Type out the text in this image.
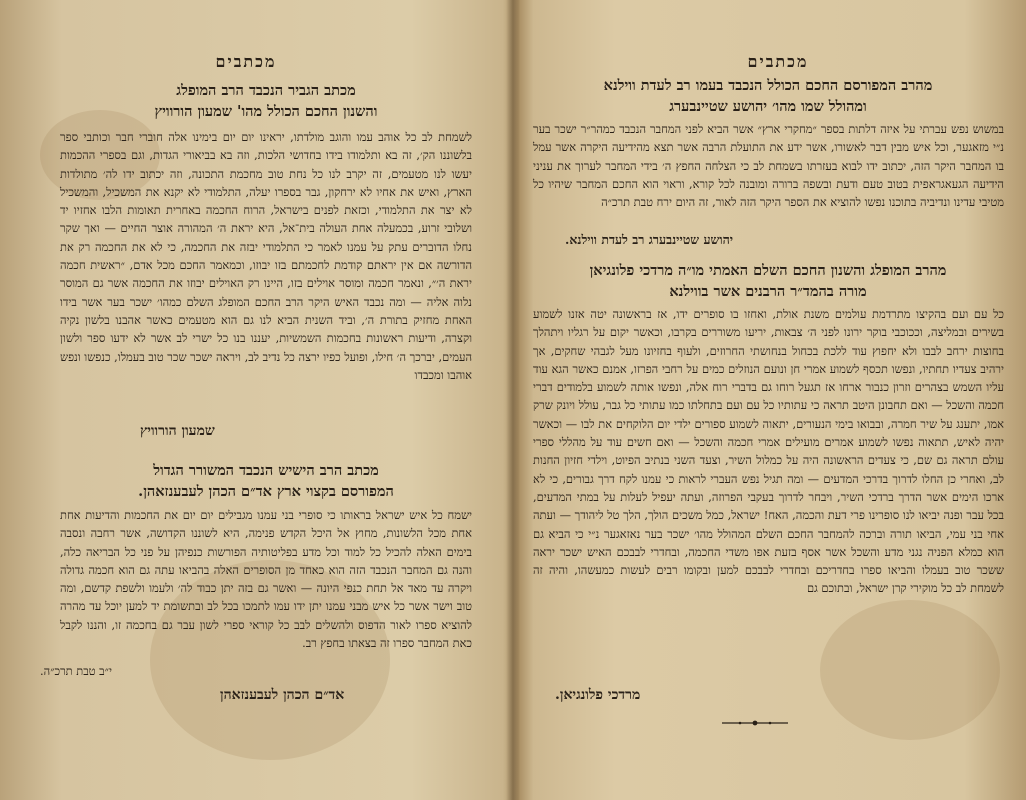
מכתבים
מכתב הגביר הנכבד הרב המופלג
והשנון החכם הכולל מהו' שמעון הורוויץ
לשמחת לב כל אוהב עמו והוגב מולדתו, יראינו יום יום בימינו אלה חוברי חבר וכותבי ספר בלשוננו הק׳, זה בא ותלמודו בידו בחדושי הלכות, וזה בא בביאורי הגדות, וגם בספרי ההכמות יעשו לנו מטעמים, זה יקרב לנו כל נחת טוב מחכמת התכונה, וזה יכתוב ידו לה׳ מתולדות הארץ, ואיש את אחיו לא ירחקון, גבר בספרו יעלה, התלמודי לא יקנא את המשכיל, והמשכיל לא יצר את התלמודי, וכזאת לפנים בישראל, הרוח החכמה באחרית תאומות הלבו אחזיו יד ושלובי זרוע, בכמעלה אחת העולה בית־אל, היא יראת ה׳ המהורה אוצר החיים — ואך שקר נחלו הדוברים עתק על עמנו לאמר כי התלמודי יבזה את החכמה, כי לא את החכמה רק את הדורשה אם אין יראתם קודמת לחכמתם בזו יבוזו, וכמאמר החכם מכל אדם, ״ראשית חכמה יראת ה׳״, ונאמר חכמה ומוסר אוילים בזו, היינו רק האוילים יבוזו את החכמה אשר גם המוסר נלוה אליה — ומה נכבד האיש היקר הרב החכם המופלג השלם כמהו׳ ישכר בער אשר בידו האחת מחזיק בתורת ה׳, וביד השנית הביא לנו גם הוא מטעמים כאשר אהבנו בלשון נקיה וקצרה, ודיעות ראשונות בחכמות השמשיות, יעננו בנו כל ישרי לב אשר לא ידעו ספר ולשון העמים, יברכך ה׳ חילו, ופועל כפיו ירצה כל נדיב לב, ויראה ישכר שכר טוב בעמלו, כנפשו ונפש אוהבו ומכבדו
שמעון הורוויץ
מכתב הרב הישיש הנכבד המשורר הגדול
המפורסם בקצוי ארץ אד״ם הכהן לעבענזאהן.
ישמח כל איש ישראל בראותו כי סופרי בני עמנו מגבילים יום יום את החכמות והדיעות אחת אחת מכל הלשונות, מחוץ אל היכל הקדש פנימה, היא לשוננו הקדושה, אשר רחבה ונסבה בימים האלה להכיל כל למוד וכל מדע בפליטותיה הפורשות כנפיהן על פני כל הבריאה כלה, והנה גם המחבר הנכבד הזה הוא כאחד מן הסופרים האלה בהביאו עתה גם הוא חכמה גדולה ויקרה עד מאד אל תחת כנפי היונה — ואשר גם בזה יתן כבוד לה׳ ולעמו ולשפת קדשם, ומה טוב וישר אשר כל איש מבני עמנו יתן ידו עמו לתמכו בכל לב ובתשומת יד למען יוכל עד מהרה להוציא ספרו לאור הדפוס ולהשלים לבב כל קוראי ספרי לשון עבר גם בחכמה זו, והננו לקבל כאת המחבר ספרו זה בצאתו בחפץ רב.
י״ב טבת תרכ״ה.
אד״ם הכהן לעבענזאהן
מכתבים
מהרב המפורסם החכם הכולל הנכבד בעמו רב לעדת ווילנא
ומהולל שמו מהו׳ יהושע שטיינבערג
במשוש נפש עברתי על איזה דלתות בספר ״מחקרי ארץ״ אשר הביא לפני המחבר הנכבד כמהר״ר ישכר בער נ״י מזאגער, וכל איש מבין דבר לאשורו, אשר ידע את התועלת הרבה אשר תצא מהידיעה היקרה אשר עמל בו המחבר היקר הזה, יכתוב ידו לבוא בעזרתו בשמחת לב כי הצלחה החפץ ה׳ בידי המחבר לערוך את עניני הידיעה הגעאגראפית בטוב טעם ודעת ובשפה ברורה ומובנה לכל קורא, וראוי הוא החכם המחבר שיהיו כל מטיבי עדינו ונדיביה בתוכנו נפשו להוציא את הספר היקר הזה לאור, זה היום ירח טבת תרכ״ה
יהושע שטיינבערג רב לעדת ווילנא.
מהרב המופלג והשנון החכם השלם האמתי מו״ה מרדכי פלונגיאן
מורה בהמד״ר הרבנים אשר בווילנא
כל עם ועם בהקיצו מתרדמת עולמים משנת אולת, ואחזו בו סופרים ידו, אז בראשונה יטה אזנו לשמוע בשירים ובמליצה, וככוכבי בוקר ירונו לפני ה׳ צבאות, יריעו משוררים בקרבו, וכאשר יקום על רגליו ויתהלך בחוצות ירחב לבבו ולא יחפוץ עוד ללכת בכחול בנחושתי החרוזים, ולעוף בחזיונו מעל לגבהי שחקים, אך ירהיב צעדיו תחתיו, ונפשו תכסף לשמוע אמרי חן ונועם הנוזלים כמים על רחבי הפרזו, אמנם כאשר הגא עוד עליו השמש בצהרים וזרון כנבור ארחו אז תגעל רוחו גם בדברי רוח אלה, ונפשו אותה לשמוע בלמודים דברי חכמה והשכל — ואם תחבונן היטב תראה כי עתותיו כל עם ועם בתחלתו כמו עתותי כל גבר, עולל ויונק שרק אמו, יתענג על שיר חמרה, ובבואו בימי הנעורים, יתאוה לשמוע ספורים ילדי יום הלוקחים את לבו — וכאשר יהיה לאיש, תתאוה נפשו לשמוע אמרים מועילים אמרי חכמה והשכל — ואם חשים עוד על מהללי ספרי עולם תראה גם שם, כי צעדים הראשונה היה על כמלול השיר, וצעד השני בנתיב הפיוט, וילדי חזיון החנות לב, ואחרי כן החלו לדרוך בדרכי המדעים — ומה תגיל נפש העברי לראות כי עמנו לקח דרך גבורים, כי לא ארכו הימים אשר הדרך ברדכי השיר, ויבחר לדרוך בעקבי הפרוזה, ועתה יעפיל לעלות על במתי המדעים, בכל עבר ופנה יביאו לנו סופרינו פרי דעת והכמה, האח! ישראל, כמל משכים הולך, הלך טל ליהודך — ועתה אחי בני עמי, הביאו תורה וברכה להמחבר החכם השלם המהולל מהו׳ ישכר בער נאזאגער נ״י כי הביא גם הוא כמלא הפניה נגני מדע והשכל אשר אסף בזעת אפו משדי החכמה, ובחדרי לבבכם האיש ישכר יראה ששכר טוב בעמלו והביאו ספרו בחדריכם ובחדרי לבבכם למען ובקומו רבים לעשות כמעשהו, והיה זה לשמחת לב כל מוקירי קרן ישראל, ובתוכם גם
מרדכי פלונגיאן.
